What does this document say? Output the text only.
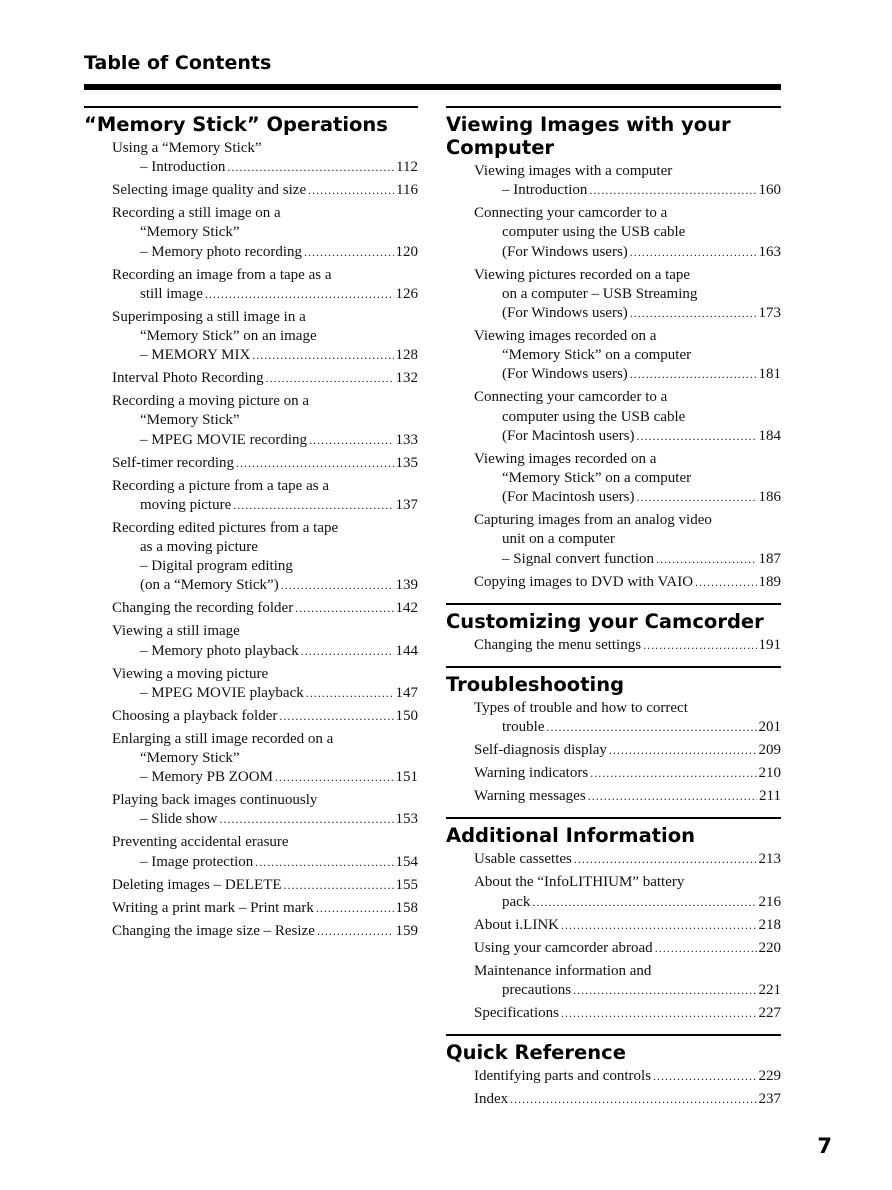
Table of Contents
“Memory Stick” Operations
Using a “Memory Stick”
– Introduction .....	112
Selecting image quality and size .....	116
Recording a still image on a
“Memory Stick”
– Memory photo recording .....	120
Recording an image from a tape as a
still image .....	126
Superimposing a still image in a
“Memory Stick” on an image
– MEMORY MIX .....	128
Interval Photo Recording .....	132
Recording a moving picture on a
“Memory Stick”
– MPEG MOVIE recording .....	133
Self-timer recording .....	135
Recording a picture from a tape as a
moving picture .....	137
Recording edited pictures from a tape
as a moving picture
– Digital program editing
(on a “Memory Stick”) .....	139
Changing the recording folder .....	142
Viewing a still image
– Memory photo playback .....	144
Viewing a moving picture
– MPEG MOVIE playback .....	147
Choosing a playback folder .....	150
Enlarging a still image recorded on a
“Memory Stick”
– Memory PB ZOOM .....	151
Playing back images continuously
– Slide show .....	153
Preventing accidental erasure
– Image protection .....	154
Deleting images – DELETE .....	155
Writing a print mark – Print mark .....	158
Changing the image size – Resize .....	159
Viewing Images with your Computer
Viewing images with a computer
– Introduction .....	160
Connecting your camcorder to a
computer using the USB cable
(For Windows users) .....	163
Viewing pictures recorded on a tape
on a computer – USB Streaming
(For Windows users) .....	173
Viewing images recorded on a
“Memory Stick” on a computer
(For Windows users) .....	181
Connecting your camcorder to a
computer using the USB cable
(For Macintosh users) .....	184
Viewing images recorded on a
“Memory Stick” on a computer
(For Macintosh users) .....	186
Capturing images from an analog video
unit on a computer
– Signal convert function .....	187
Copying images to DVD with VAIO .....	189
Customizing your Camcorder
Changing the menu settings .....	191
Troubleshooting
Types of trouble and how to correct
trouble .....	201
Self-diagnosis display .....	209
Warning indicators .....	210
Warning messages .....	211
Additional Information
Usable cassettes .....	213
About the “InfoLITHIUM” battery
pack .....	216
About i.LINK .....	218
Using your camcorder abroad .....	220
Maintenance information and
precautions .....	221
Specifications .....	227
Quick Reference
Identifying parts and controls .....	229
Index .....	237
7
